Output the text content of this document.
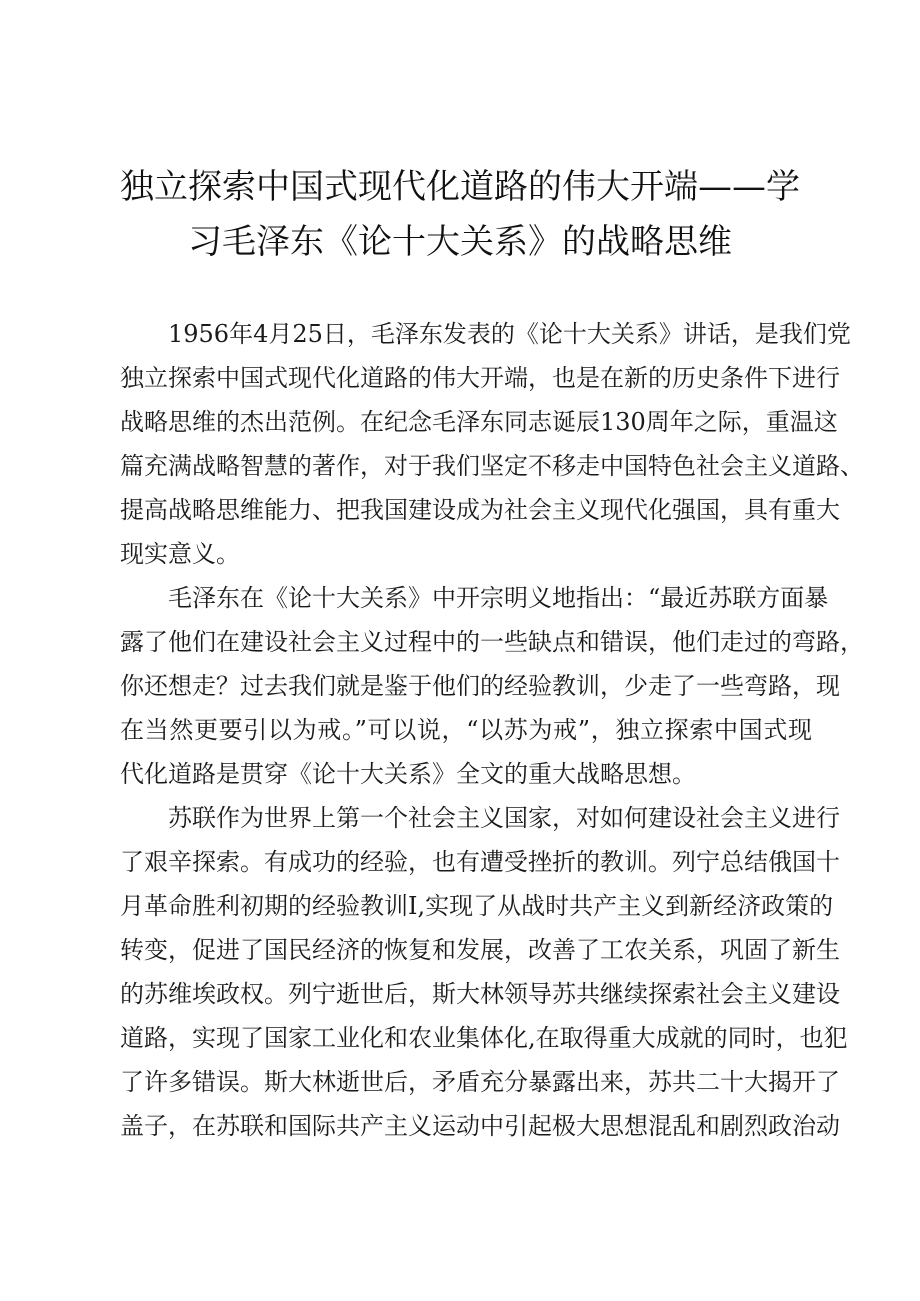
独立探索中国式现代化道路的伟大开端——学
习毛泽东《论十大关系》的战略思维
1956年4月25日，毛泽东发表的《论十大关系》讲话，是我们党
独立探索中国式现代化道路的伟大开端，也是在新的历史条件下进行
战略思维的杰出范例。在纪念毛泽东同志诞辰130周年之际，重温这
篇充满战略智慧的著作，对于我们坚定不移走中国特色社会主义道路、
提高战略思维能力、把我国建设成为社会主义现代化强国，具有重大
现实意义。
毛泽东在《论十大关系》中开宗明义地指出：“最近苏联方面暴
露了他们在建设社会主义过程中的一些缺点和错误，他们走过的弯路，
你还想走？过去我们就是鉴于他们的经验教训，少走了一些弯路，现
在当然更要引以为戒。”可以说，“以苏为戒”，独立探索中国式现
代化道路是贯穿《论十大关系》全文的重大战略思想。
苏联作为世界上第一个社会主义国家，对如何建设社会主义进行
了艰辛探索。有成功的经验，也有遭受挫折的教训。列宁总结俄国十
月革命胜利初期的经验教训I,实现了从战时共产主义到新经济政策的
转变，促进了国民经济的恢复和发展，改善了工农关系，巩固了新生
的苏维埃政权。列宁逝世后，斯大林领导苏共继续探索社会主义建设
道路，实现了国家工业化和农业集体化,在取得重大成就的同时，也犯
了许多错误。斯大林逝世后，矛盾充分暴露出来，苏共二十大揭开了
盖子，在苏联和国际共产主义运动中引起极大思想混乱和剧烈政治动
